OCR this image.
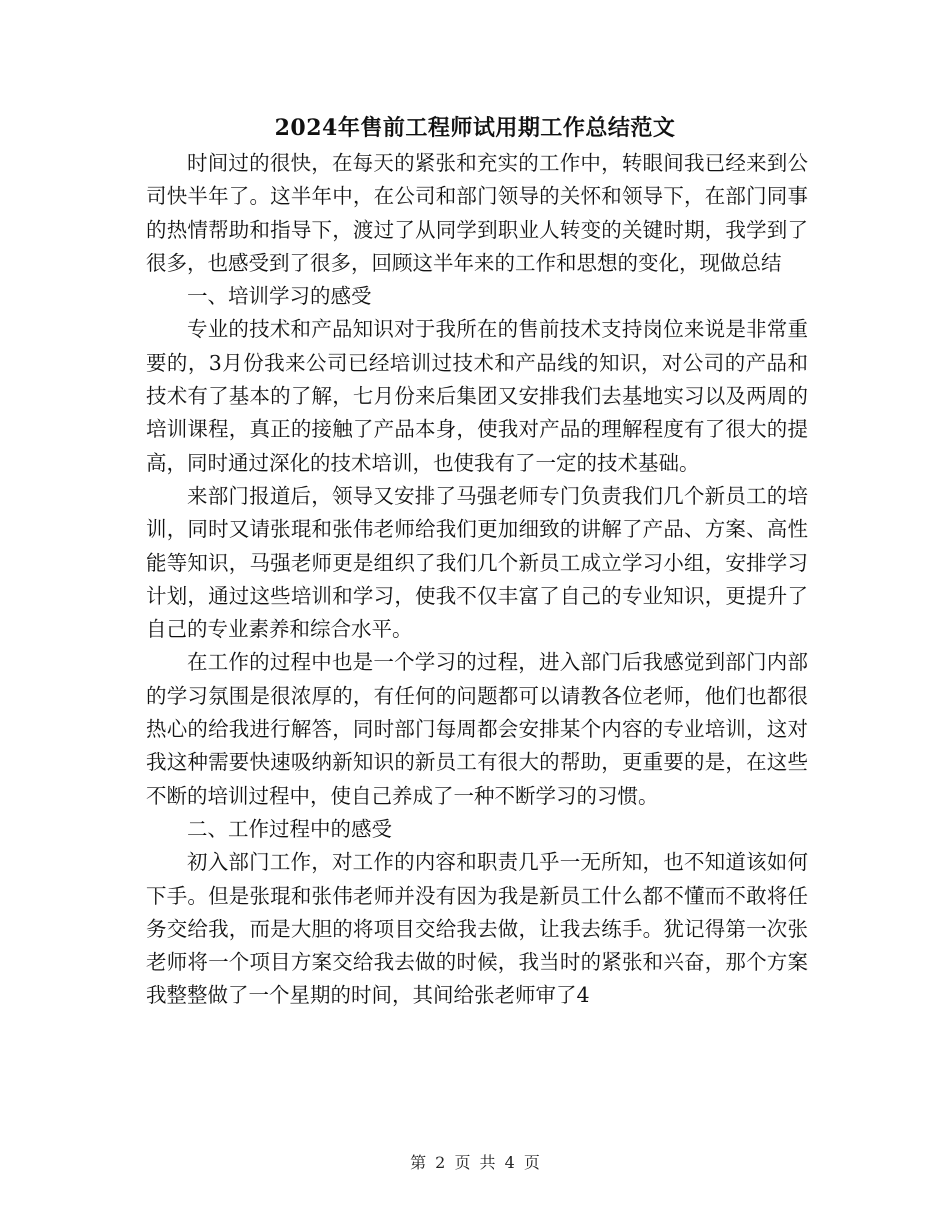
2024年售前工程师试用期工作总结范文

时间过的很快，在每天的紧张和充实的工作中，转眼间我已经来到公司快半年了。这半年中，在公司和部门领导的关怀和领导下，在部门同事的热情帮助和指导下，渡过了从同学到职业人转变的关键时期，我学到了很多，也感受到了很多，回顾这半年来的工作和思想的变化，现做总结

一、培训学习的感受

专业的技术和产品知识对于我所在的售前技术支持岗位来说是非常重要的，3月份我来公司已经培训过技术和产品线的知识，对公司的产品和技术有了基本的了解，七月份来后集团又安排我们去基地实习以及两周的培训课程，真正的接触了产品本身，使我对产品的理解程度有了很大的提高，同时通过深化的技术培训，也使我有了一定的技术基础。

来部门报道后，领导又安排了马强老师专门负责我们几个新员工的培训，同时又请张琨和张伟老师给我们更加细致的讲解了产品、方案、高性能等知识，马强老师更是组织了我们几个新员工成立学习小组，安排学习计划，通过这些培训和学习，使我不仅丰富了自己的专业知识，更提升了自己的专业素养和综合水平。

在工作的过程中也是一个学习的过程，进入部门后我感觉到部门内部的学习氛围是很浓厚的，有任何的问题都可以请教各位老师，他们也都很热心的给我进行解答，同时部门每周都会安排某个内容的专业培训，这对我这种需要快速吸纳新知识的新员工有很大的帮助，更重要的是，在这些不断的培训过程中，使自己养成了一种不断学习的习惯。

二、工作过程中的感受

初入部门工作，对工作的内容和职责几乎一无所知，也不知道该如何下手。但是张琨和张伟老师并没有因为我是新员工什么都不懂而不敢将任务交给我，而是大胆的将项目交给我去做，让我去练手。犹记得第一次张老师将一个项目方案交给我去做的时候，我当时的紧张和兴奋，那个方案我整整做了一个星期的时间，其间给张老师审了4

第 2 页 共 4 页
